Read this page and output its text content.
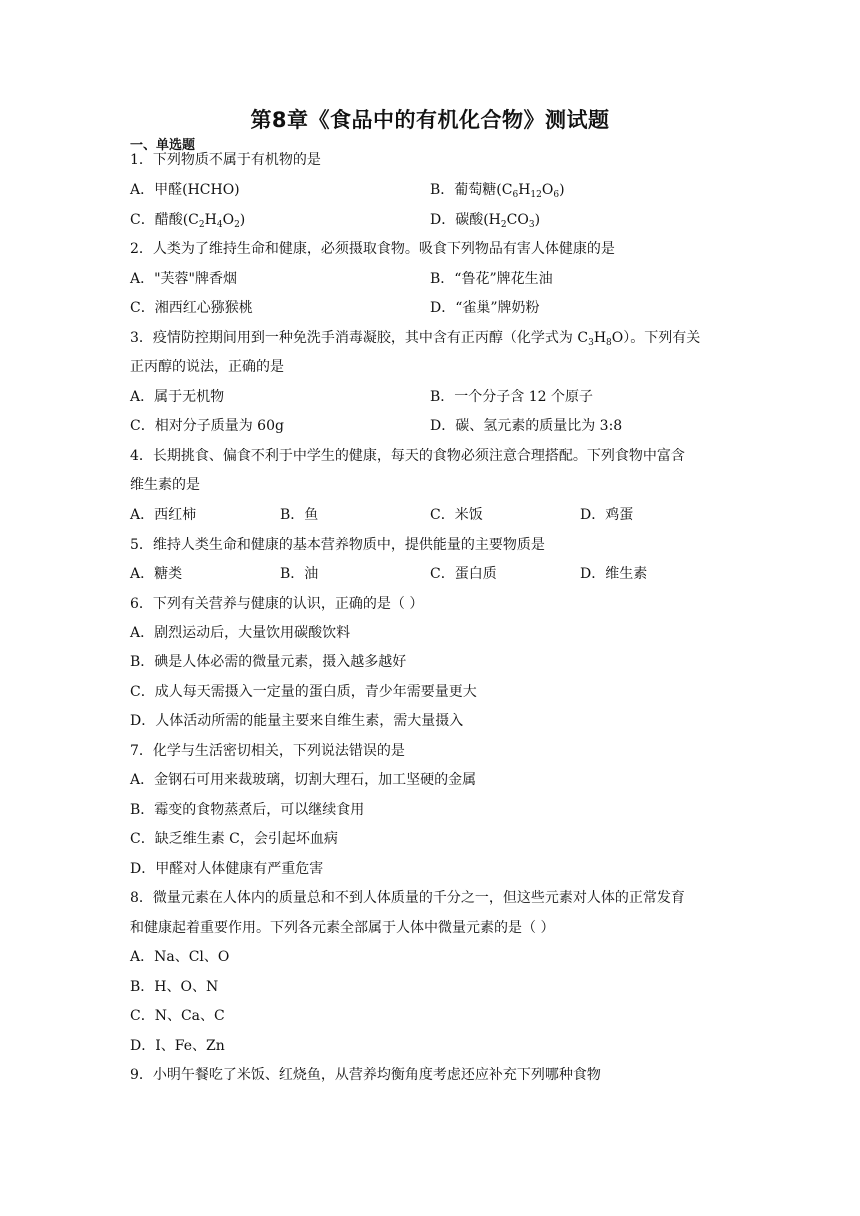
第8章《食品中的有机化合物》测试题
一、单选题
1．下列物质不属于有机物的是
A．甲醛(HCHO)	B．葡萄糖$(C_6H_{12}O_6)$
C．醋酸$(C_2H_4O_2)$	D．碳酸$(H_2CO_3)$
2．人类为了维持生命和健康，必须摄取食物。吸食下列物品有害人体健康的是
A．"芙蓉"牌香烟	B．“鲁花”牌花生油
C．湘西红心猕猴桃	D．“雀巢”牌奶粉
3．疫情防控期间用到一种免洗手消毒凝胶，其中含有正丙醇（化学式为 $C_3H_8O$）。下列有关
正丙醇的说法，正确的是
A．属于无机物	B．一个分子含 12 个原子
C．相对分子质量为 60g	D．碳、氢元素的质量比为 3:8
4．长期挑食、偏食不利于中学生的健康，每天的食物必须注意合理搭配。下列食物中富含
维生素的是
A．西红柿	B．鱼	C．米饭	D．鸡蛋
5．维持人类生命和健康的基本营养物质中，提供能量的主要物质是
A．糖类	B．油	C．蛋白质	D．维生素
6．下列有关营养与健康的认识，正确的是（ ）
A．剧烈运动后，大量饮用碳酸饮料
B．碘是人体必需的微量元素，摄入越多越好
C．成人每天需摄入一定量的蛋白质，青少年需要量更大
D．人体活动所需的能量主要来自维生素，需大量摄入
7．化学与生活密切相关，下列说法错误的是
A．金钢石可用来裁玻璃，切割大理石，加工坚硬的金属
B．霉变的食物蒸煮后，可以继续食用
C．缺乏维生素 C，会引起坏血病
D．甲醛对人体健康有严重危害
8．微量元素在人体内的质量总和不到人体质量的千分之一，但这些元素对人体的正常发育
和健康起着重要作用。下列各元素全部属于人体中微量元素的是（ ）
A．Na、Cl、O
B．H、O、N
C．N、Ca、C
D．I、Fe、Zn
9．小明午餐吃了米饭、红烧鱼，从营养均衡角度考虑还应补充下列哪种食物
